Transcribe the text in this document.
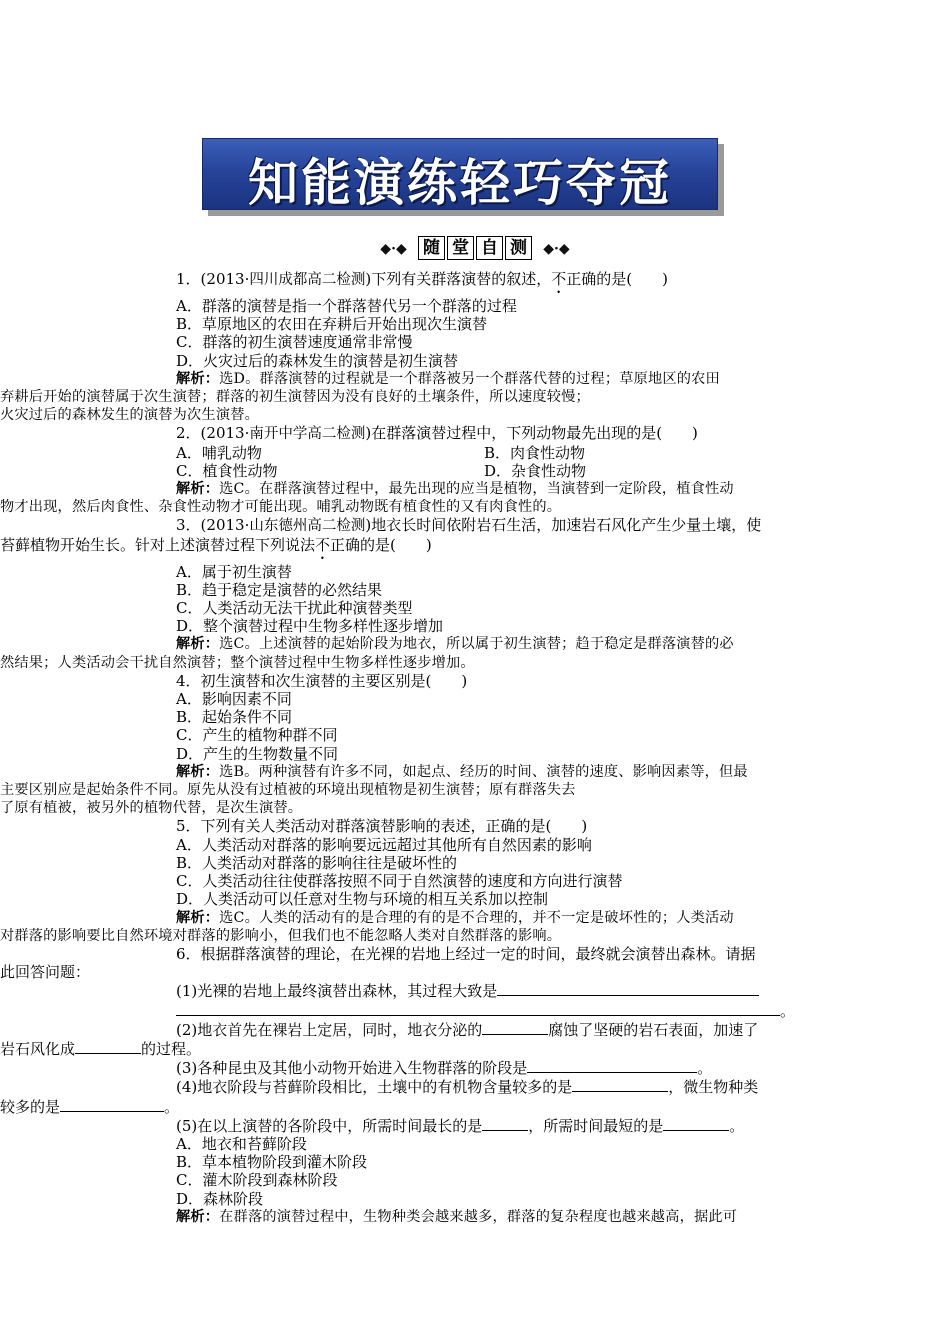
知能演练轻巧夺冠
◆·◆ 随 堂 自 测 ◆·◆
1．(2013·四川成都高二检测)下列有关群落演替的叙述，不正确的是(　　)
A．群落的演替是指一个群落替代另一个群落的过程
B．草原地区的农田在弃耕后开始出现次生演替
C．群落的初生演替速度通常非常慢
D．火灾过后的森林发生的演替是初生演替
解析：选D。群落演替的过程就是一个群落被另一个群落代替的过程；草原地区的农田
弃耕后开始的演替属于次生演替；群落的初生演替因为没有良好的土壤条件，所以速度较慢；
火灾过后的森林发生的演替为次生演替。
2．(2013·南开中学高二检测)在群落演替过程中，下列动物最先出现的是(　　)
A．哺乳动物	B．肉食性动物
C．植食性动物	D．杂食性动物
解析：选C。在群落演替过程中，最先出现的应当是植物，当演替到一定阶段，植食性动
物才出现，然后肉食性、杂食性动物才可能出现。哺乳动物既有植食性的又有肉食性的。
3．(2013·山东德州高二检测)地衣长时间依附岩石生活，加速岩石风化产生少量土壤，使
苔藓植物开始生长。针对上述演替过程下列说法不正确的是(　　)
A．属于初生演替
B．趋于稳定是演替的必然结果
C．人类活动无法干扰此种演替类型
D．整个演替过程中生物多样性逐步增加
解析：选C。上述演替的起始阶段为地衣，所以属于初生演替；趋于稳定是群落演替的必
然结果；人类活动会干扰自然演替；整个演替过程中生物多样性逐步增加。
4．初生演替和次生演替的主要区别是(　　)
A．影响因素不同
B．起始条件不同
C．产生的植物种群不同
D．产生的生物数量不同
解析：选B。两种演替有许多不同，如起点、经历的时间、演替的速度、影响因素等，但最
主要区别应是起始条件不同。原先从没有过植被的环境出现植物是初生演替；原有群落失去
了原有植被，被另外的植物代替，是次生演替。
5．下列有关人类活动对群落演替影响的表述，正确的是(　　)
A．人类活动对群落的影响要远远超过其他所有自然因素的影响
B．人类活动对群落的影响往往是破坏性的
C．人类活动往往使群落按照不同于自然演替的速度和方向进行演替
D．人类活动可以任意对生物与环境的相互关系加以控制
解析：选C。人类的活动有的是合理的有的是不合理的，并不一定是破坏性的；人类活动
对群落的影响要比自然环境对群落的影响小，但我们也不能忽略人类对自然群落的影响。
6．根据群落演替的理论，在光裸的岩地上经过一定的时间，最终就会演替出森林。请据
此回答问题：
(1)光裸的岩地上最终演替出森林，其过程大致是
。
(2)地衣首先在裸岩上定居，同时，地衣分泌的	腐蚀了坚硬的岩石表面，加速了
岩石风化成	的过程。
(3)各种昆虫及其他小动物开始进入生物群落的阶段是	。
(4)地衣阶段与苔藓阶段相比，土壤中的有机物含量较多的是	，微生物种类
较多的是	。
(5)在以上演替的各阶段中，所需时间最长的是	，所需时间最短的是	。
A．地衣和苔藓阶段
B．草本植物阶段到灌木阶段
C．灌木阶段到森林阶段
D．森林阶段
解析：在群落的演替过程中，生物种类会越来越多，群落的复杂程度也越来越高，据此可
